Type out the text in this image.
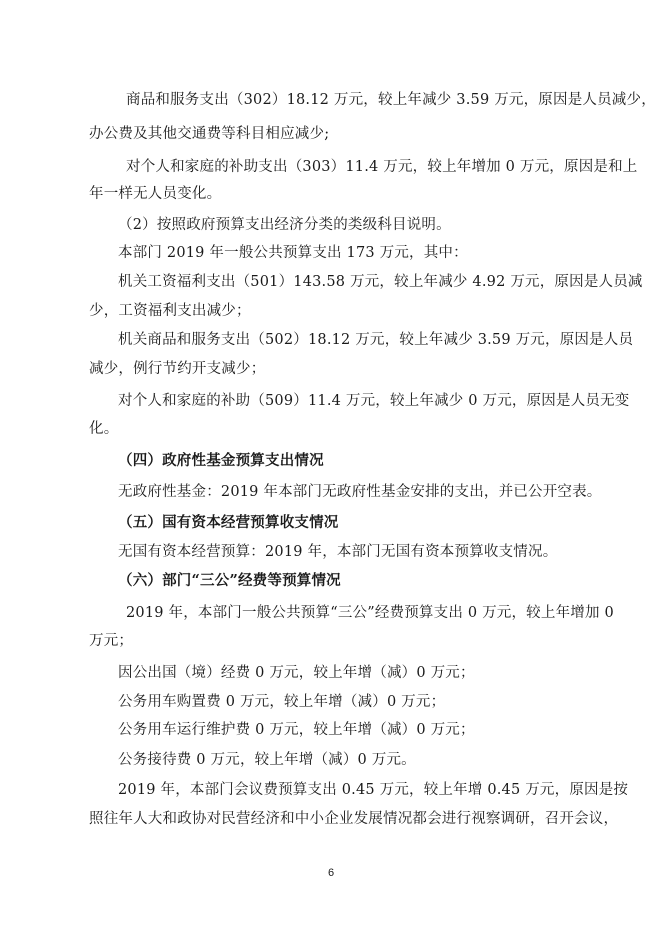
商品和服务支出（302）18.12 万元，较上年减少 3.59 万元，原因是人员减少，
办公费及其他交通费等科目相应减少;
对个人和家庭的补助支出（303）11.4 万元，较上年增加 0 万元，原因是和上
年一样无人员变化。
（2）按照政府预算支出经济分类的类级科目说明。
本部门 2019 年一般公共预算支出 173 万元，其中：
机关工资福利支出（501）143.58 万元，较上年减少 4.92 万元，原因是人员减
少，工资福利支出减少；
机关商品和服务支出（502）18.12 万元，较上年减少 3.59 万元，原因是人员
减少，例行节约开支减少；
对个人和家庭的补助（509）11.4 万元，较上年减少 0 万元，原因是人员无变
化。
（四）政府性基金预算支出情况
无政府性基金：2019 年本部门无政府性基金安排的支出，并已公开空表。
（五）国有资本经营预算收支情况
无国有资本经营预算：2019 年，本部门无国有资本预算收支情况。
（六）部门“三公”经费等预算情况
2019 年，本部门一般公共预算“三公”经费预算支出 0 万元，较上年增加 0
万元；
因公出国（境）经费 0 万元，较上年增（减）0 万元；
公务用车购置费 0 万元，较上年增（减）0 万元；
公务用车运行维护费 0 万元，较上年增（减）0 万元；
公务接待费 0 万元，较上年增（减）0 万元。
2019 年，本部门会议费预算支出 0.45 万元，较上年增 0.45 万元，原因是按
照往年人大和政协对民营经济和中小企业发展情况都会进行视察调研，召开会议，
6
